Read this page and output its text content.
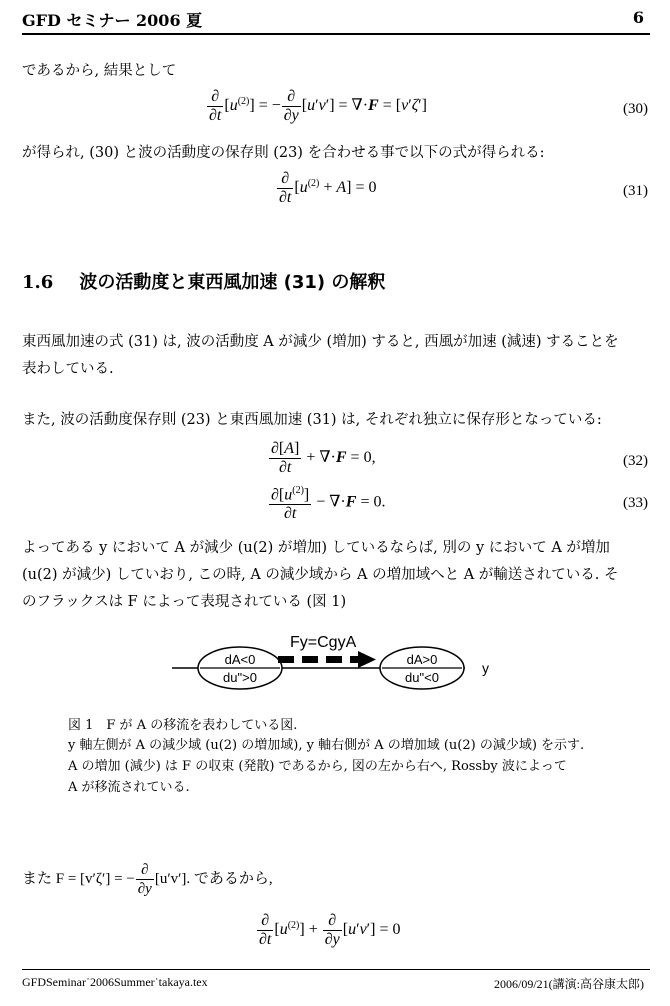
GFD セミナー 2006 夏	6
であるから, 結果として
$\frac{\partial}{\partial t} [u^{(2)}]$ = − $\frac{\partial}{\partial y} [u'v'] = \nabla\cdot F = [v'\zeta']$	(30)
が得られ, (30) と波の活動度の保存則 (23) を合わせる事で以下の式が得られる:
$\frac{\partial}{\partial t} [u^{(2)} + A] = 0$	(31)
1.6 波の活動度と東西風加速 (31) の解釈
東西風加速の式 (31) は, 波の活動度 A が減少 (増加) すると, 西風が加速 (減速) することを
表わしている.
また, 波の活動度保存則 (23) と東西風加速 (31) は, それぞれ独立に保存形となっている:
$\frac{\partial[A]}{\partial t} + \nabla\cdot F = 0$,	(32)
$\frac{\partial[u^{(2)}]}{\partial t} - \nabla\cdot F = 0$.	(33)
よってある y において A が減少 (u(2) が増加) しているならば, 別の y において A が増加
(u(2) が減少) していおり, この時, A の減少域から A の増加域へと A が輸送されている. そ
のフラックスは F によって表現されている (図 1)
Fy=CgyA
dA<0
du">0
dA>0
du"<0
y
図 1　F が A の移流を表わしている図.
y 軸左側が A の減少域 (u(2) の増加域), y 軸右側が A の増加域 (u(2) の減少域) を示す.
A の増加 (減少) は F の収束 (発散) であるから, 図の左から右へ, Rossby 波によって
A が移流されている.
また F = [v′ζ′] = − $\frac{\partial}{\partial y} [u'v']$. であるから,
$\frac{\partial}{\partial t} [u^{(2)}] + \frac{\partial}{\partial y} [u'v'] = 0$
GFDSeminar˙2006Summer˙takaya.tex	2006/09/21(講演:高谷康太郎)
